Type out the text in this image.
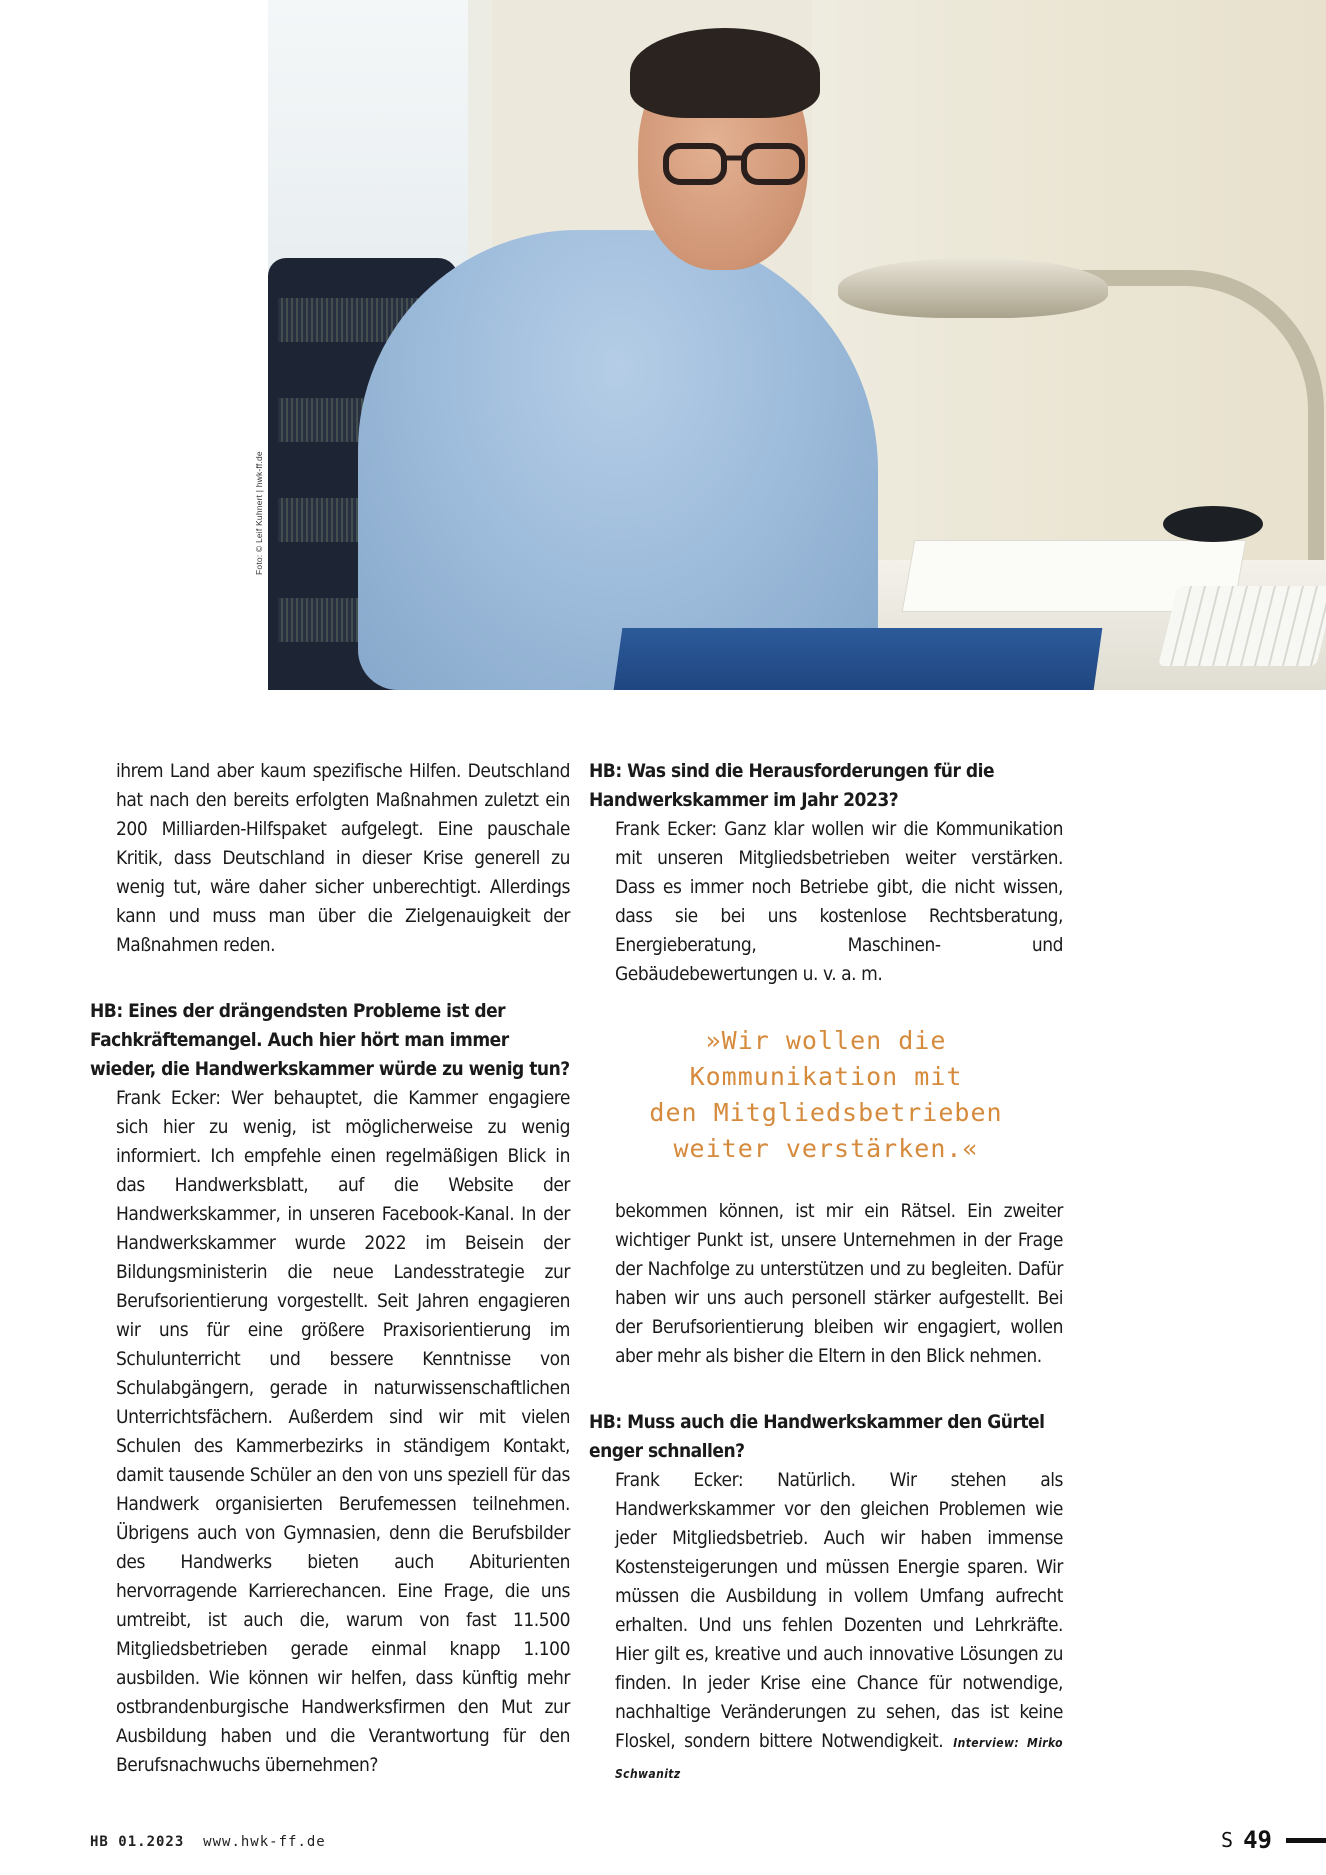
Foto: © Leif Kuhnert | hwk-ff.de

ihrem Land aber kaum spezifische Hilfen. Deutschland hat nach den bereits erfolgten Maßnahmen zuletzt ein 200 Milliarden-Hilfspaket aufgelegt. Eine pauschale Kritik, dass Deutschland in dieser Krise generell zu wenig tut, wäre daher sicher unberechtigt. Allerdings kann und muss man über die Zielgenauigkeit der Maßnahmen reden.

HB: Eines der drängendsten Probleme ist der Fachkräftemangel. Auch hier hört man immer wieder, die Handwerkskammer würde zu wenig tun?

Frank Ecker: Wer behauptet, die Kammer engagiere sich hier zu wenig, ist möglicherweise zu wenig informiert. Ich empfehle einen regelmäßigen Blick in das Handwerksblatt, auf die Website der Handwerkskammer, in unseren Facebook-Kanal. In der Handwerkskammer wurde 2022 im Beisein der Bildungsministerin die neue Landesstrategie zur Berufsorientierung vorgestellt. Seit Jahren engagieren wir uns für eine größere Praxisorientierung im Schulunterricht und bessere Kenntnisse von Schulabgängern, gerade in naturwissenschaftlichen Unterrichtsfächern. Außerdem sind wir mit vielen Schulen des Kammerbezirks in ständigem Kontakt, damit tausende Schüler an den von uns speziell für das Handwerk organisierten Berufemessen teilnehmen. Übrigens auch von Gymnasien, denn die Berufsbilder des Handwerks bieten auch Abiturienten hervorragende Karrierechancen. Eine Frage, die uns umtreibt, ist auch die, warum von fast 11.500 Mitgliedsbetrieben gerade einmal knapp 1.100 ausbilden. Wie können wir helfen, dass künftig mehr ostbrandenburgische Handwerksfirmen den Mut zur Ausbildung haben und die Verantwortung für den Berufsnachwuchs übernehmen?

HB: Was sind die Herausforderungen für die Handwerkskammer im Jahr 2023?

Frank Ecker: Ganz klar wollen wir die Kommunikation mit unseren Mitgliedsbetrieben weiter verstärken. Dass es immer noch Betriebe gibt, die nicht wissen, dass sie bei uns kostenlose Rechtsberatung, Energieberatung, Maschinen- und Gebäudebewertungen u. v. a. m.

»Wir wollen die
Kommunikation mit
den Mitgliedsbetrieben
weiter verstärken.«

bekommen können, ist mir ein Rätsel. Ein zweiter wichtiger Punkt ist, unsere Unternehmen in der Frage der Nachfolge zu unterstützen und zu begleiten. Dafür haben wir uns auch personell stärker aufgestellt. Bei der Berufsorientierung bleiben wir engagiert, wollen aber mehr als bisher die Eltern in den Blick nehmen.

HB: Muss auch die Handwerkskammer den Gürtel enger schnallen?

Frank Ecker: Natürlich. Wir stehen als Handwerkskammer vor den gleichen Problemen wie jeder Mitgliedsbetrieb. Auch wir haben immense Kostensteigerungen und müssen Energie sparen. Wir müssen die Ausbildung in vollem Umfang aufrecht erhalten. Und uns fehlen Dozenten und Lehrkräfte. Hier gilt es, kreative und auch innovative Lösungen zu finden. In jeder Krise eine Chance für notwendige, nachhaltige Veränderungen zu sehen, das ist keine Floskel, sondern bittere Notwendigkeit. Interview: Mirko Schwanitz

HB 01.2023 www.hwk-ff.de	S 49
